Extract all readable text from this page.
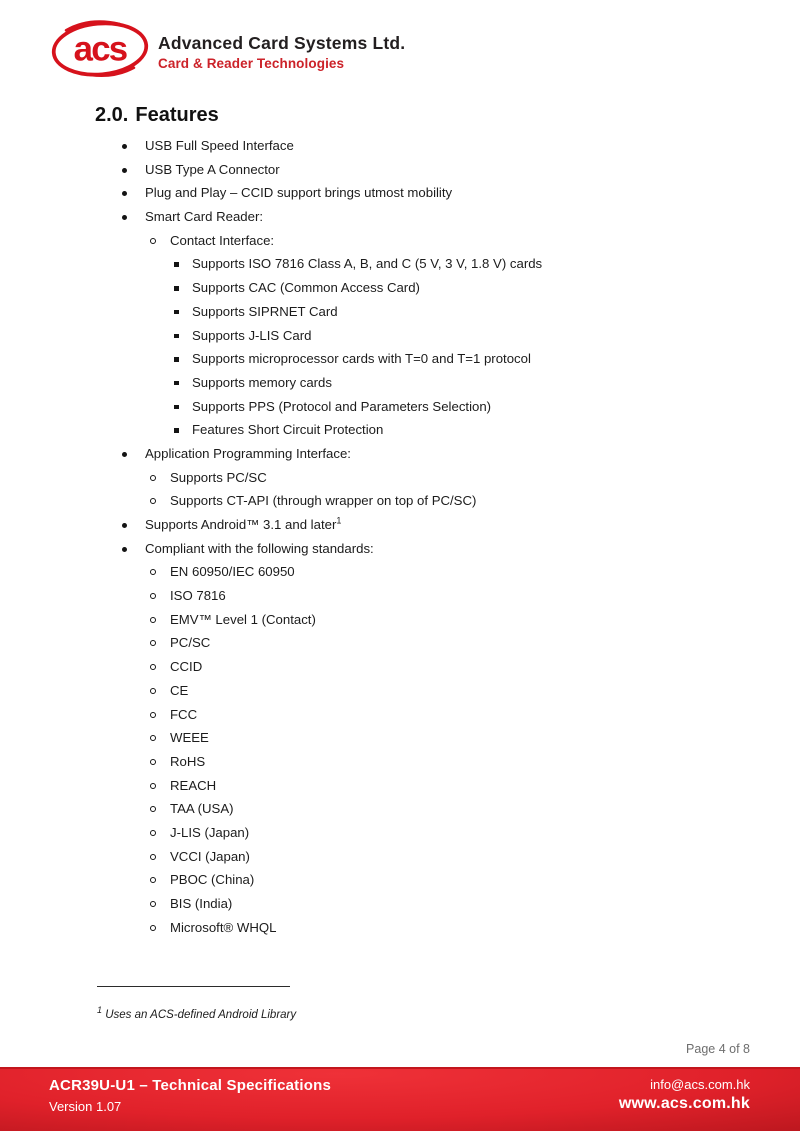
acs Advanced Card Systems Ltd.
Card & Reader Technologies
2.0. Features
USB Full Speed Interface
USB Type A Connector
Plug and Play – CCID support brings utmost mobility
Smart Card Reader:
Contact Interface:
Supports ISO 7816 Class A, B, and C (5 V, 3 V, 1.8 V) cards
Supports CAC (Common Access Card)
Supports SIPRNET Card
Supports J-LIS Card
Supports microprocessor cards with T=0 and T=1 protocol
Supports memory cards
Supports PPS (Protocol and Parameters Selection)
Features Short Circuit Protection
Application Programming Interface:
Supports PC/SC
Supports CT-API (through wrapper on top of PC/SC)
Supports Android™ 3.1 and later$^1$
Compliant with the following standards:
EN 60950/IEC 60950
ISO 7816
EMV™ Level 1 (Contact)
PC/SC
CCID
CE
FCC
WEEE
RoHS
REACH
TAA (USA)
J-LIS (Japan)
VCCI (Japan)
PBOC (China)
BIS (India)
Microsoft® WHQL
$^1$ Uses an ACS-defined Android Library
Page 4 of 8
ACR39U-U1 – Technical Specifications
Version 1.07
info@acs.com.hk
www.acs.com.hk
